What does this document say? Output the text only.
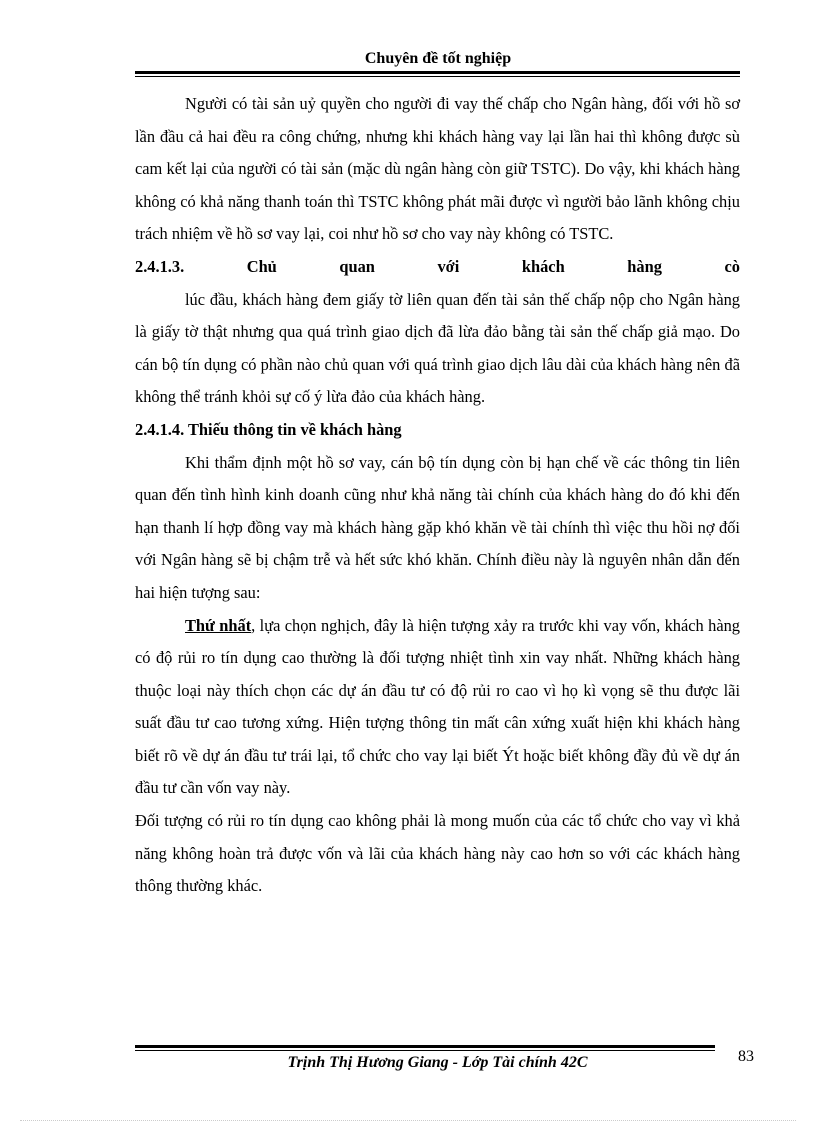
Chuyên đề tốt nghiệp

Người có tài sản uỷ quyền cho người đi vay thế chấp cho Ngân hàng, đối với hồ sơ lần đầu cả hai đều ra công chứng, nhưng khi khách hàng vay lại lần hai thì không được sù cam kết lại của người có tài sản (mặc dù ngân hàng còn giữ TSTC). Do vậy, khi khách hàng không có khả năng thanh toán thì TSTC không phát mãi được vì người bảo lãnh không chịu trách nhiệm về hồ sơ vay lại, coi như hồ sơ cho vay này không có TSTC.

2.4.1.3.	Chủ	quan	với	khách	hàng	cò

lúc đầu, khách hàng đem giấy tờ liên quan đến tài sản thế chấp nộp cho Ngân hàng là giấy tờ thật nhưng qua quá trình giao dịch đã lừa đảo bằng tài sản thế chấp giả mạo. Do cán bộ tín dụng có phần nào chủ quan với quá trình giao dịch lâu dài của khách hàng nên đã không thể tránh khỏi sự cố ý lừa đảo của khách hàng.

2.4.1.4. Thiếu thông tin về khách hàng

Khi thẩm định một hồ sơ vay, cán bộ tín dụng còn bị hạn chế về các thông tin liên quan đến tình hình kinh doanh cũng như khả năng tài chính của khách hàng do đó khi đến hạn thanh lí hợp đồng vay mà khách hàng gặp khó khăn về tài chính thì việc thu hồi nợ đối với Ngân hàng sẽ bị chậm trễ và hết sức khó khăn. Chính điều này là nguyên nhân dẫn đến hai hiện tượng sau:

Thứ nhất, lựa chọn nghịch, đây là hiện tượng xảy ra trước khi vay vốn, khách hàng có độ rủi ro tín dụng cao thường là đối tượng nhiệt tình xin vay nhất. Những khách hàng thuộc loại này thích chọn các dự án đầu tư có độ rủi ro cao vì họ kì vọng sẽ thu được lãi suất đầu tư cao tương xứng. Hiện tượng thông tin mất cân xứng xuất hiện khi khách hàng biết rõ về dự án đầu tư trái lại, tổ chức cho vay lại biết Ýt hoặc biết không đầy đủ về dự án đầu tư cần vốn vay này.

Đối tượng có rủi ro tín dụng cao không phải là mong muốn của các tổ chức cho vay vì khả năng không hoàn trả được vốn và lãi của khách hàng này cao hơn so với các khách hàng thông thường khác.

Trịnh Thị Hương Giang - Lớp Tài chính 42C	83
